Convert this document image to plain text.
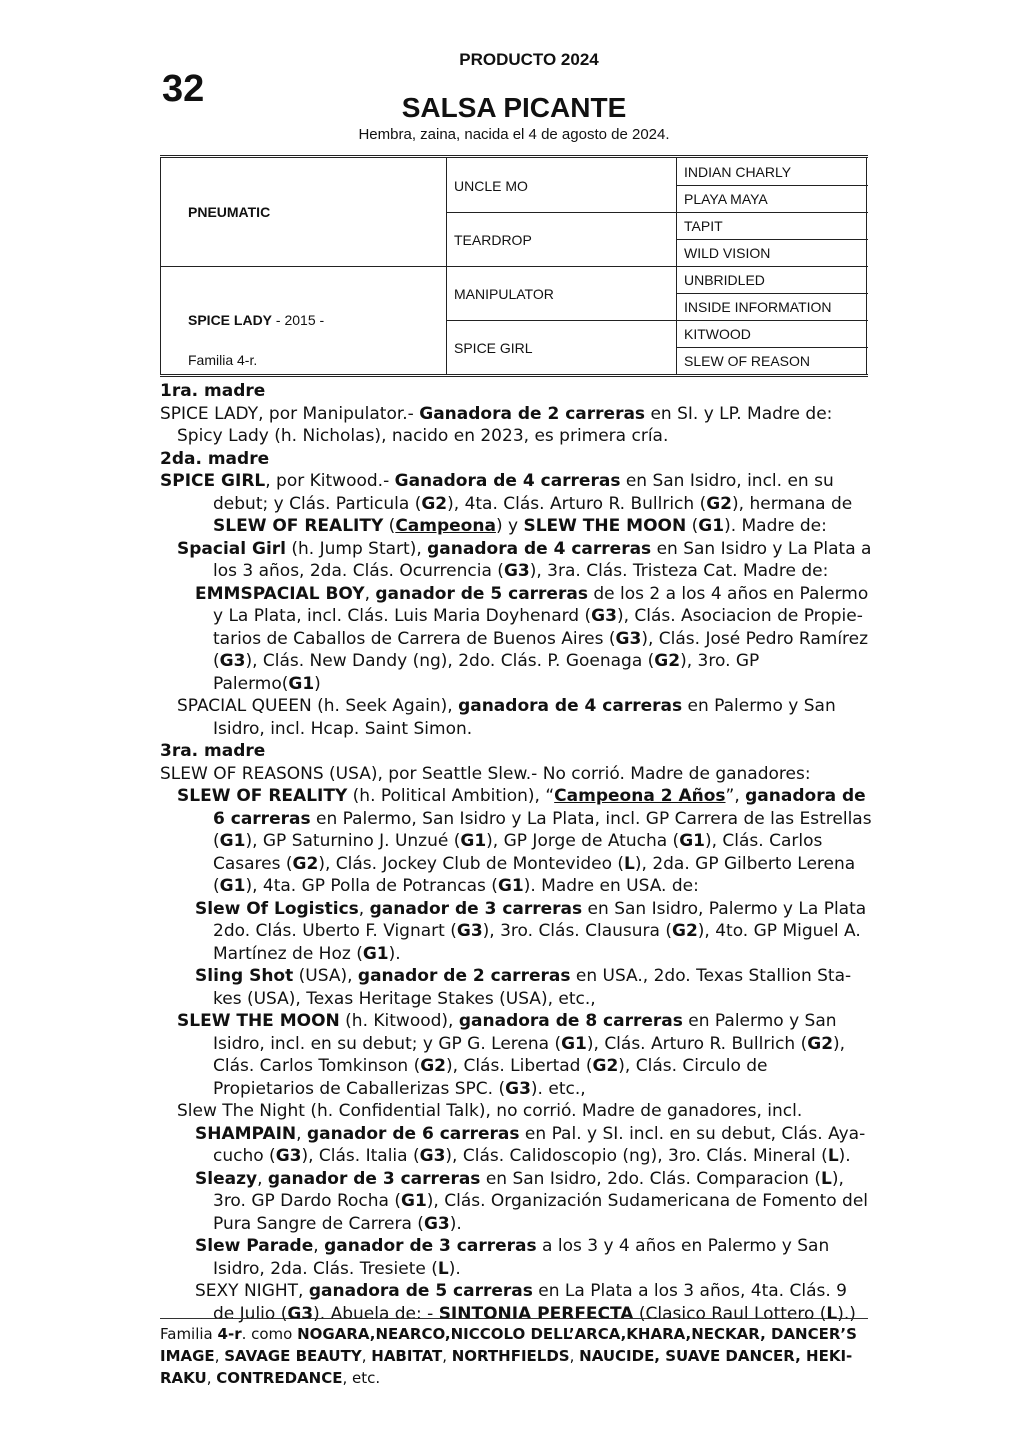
32
PRODUCTO 2024
SALSA PICANTE
Hembra, zaina, nacida el 4 de agosto de 2024.
PNEUMATIC
SPICE LADY - 2015 -
Familia 4-r.
UNCLE MO
TEARDROP
MANIPULATOR
SPICE GIRL
INDIAN CHARLY
PLAYA MAYA
TAPIT
WILD VISION
UNBRIDLED
INSIDE INFORMATION
KITWOOD
SLEW OF REASON

1ra. madre

SPICE LADY, por Manipulator.- Ganadora de 2 carreras en SI. y LP. Madre de:

Spicy Lady (h. Nicholas), nacido en 2023, es primera cría.

2da. madre

SPICE GIRL, por Kitwood.- Ganadora de 4 carreras en San Isidro, incl. en su debut; y Clás. Particula (G2), 4ta. Clás. Arturo R. Bullrich (G2), hermana de SLEW OF REALITY (Campeona) y SLEW THE MOON (G1). Madre de:

Spacial Girl (h. Jump Start), ganadora de 4 carreras en San Isidro y La Plata a los 3 años, 2da. Clás. Ocurrencia (G3), 3ra. Clás. Tristeza Cat. Madre de:

EMMSPACIAL BOY, ganador de 5 carreras de los 2 a los 4 años en Palermo y La Plata, incl. Clás. Luis Maria Doyhenard (G3), Clás. Asociacion de Propietarios de Caballos de Carrera de Buenos Aires (G3), Clás. José Pedro Ramírez (G3), Clás. New Dandy (ng), 2do. Clás. P. Goenaga (G2), 3ro. GP Palermo(G1)

SPACIAL QUEEN (h. Seek Again), ganadora de 4 carreras en Palermo y San Isidro, incl. Hcap. Saint Simon.

3ra. madre

SLEW OF REASONS (USA), por Seattle Slew.- No corrió. Madre de ganadores:

SLEW OF REALITY (h. Political Ambition), “Campeona 2 Años”, ganadora de 6 carreras en Palermo, San Isidro y La Plata, incl. GP Carrera de las Estrellas (G1), GP Saturnino J. Unzué (G1), GP Jorge de Atucha (G1), Clás. Carlos Casares (G2), Clás. Jockey Club de Montevideo (L), 2da. GP Gilberto Lerena (G1), 4ta. GP Polla de Potrancas (G1). Madre en USA. de:

Slew Of Logistics, ganador de 3 carreras en San Isidro, Palermo y La Plata 2do. Clás. Uberto F. Vignart (G3), 3ro. Clás. Clausura (G2), 4to. GP Miguel A. Martínez de Hoz (G1).

Sling Shot (USA), ganador de 2 carreras en USA., 2do. Texas Stallion Stakes (USA), Texas Heritage Stakes (USA), etc.,

SLEW THE MOON (h. Kitwood), ganadora de 8 carreras en Palermo y San Isidro, incl. en su debut; y GP G. Lerena (G1), Clás. Arturo R. Bullrich (G2), Clás. Carlos Tomkinson (G2), Clás. Libertad (G2), Clás. Circulo de Propietarios de Caballerizas SPC. (G3). etc.,

Slew The Night (h. Confidential Talk), no corrió. Madre de ganadores, incl.

SHAMPAIN, ganador de 6 carreras en Pal. y SI. incl. en su debut, Clás. Ayacucho (G3), Clás. Italia (G3), Clás. Calidoscopio (ng), 3ro. Clás. Mineral (L).

Sleazy, ganador de 3 carreras en San Isidro, 2do. Clás. Comparacion (L), 3ro. GP Dardo Rocha (G1), Clás. Organización Sudamericana de Fomento del Pura Sangre de Carrera (G3).

Slew Parade, ganador de 3 carreras a los 3 y 4 años en Palermo y San Isidro, 2da. Clás. Tresiete (L).

SEXY NIGHT, ganadora de 5 carreras en La Plata a los 3 años, 4ta. Clás. 9 de Julio (G3). Abuela de: - SINTONIA PERFECTA (Clasico Raul Lottero (L).)

Familia 4-r. como NOGARA,NEARCO,NICCOLO DELL’ARCA,KHARA,NECKAR, DANCER’S IMAGE, SAVAGE BEAUTY, HABITAT, NORTHFIELDS, NAUCIDE, SUAVE DANCER, HEKIRAKU, CONTREDANCE, etc.
